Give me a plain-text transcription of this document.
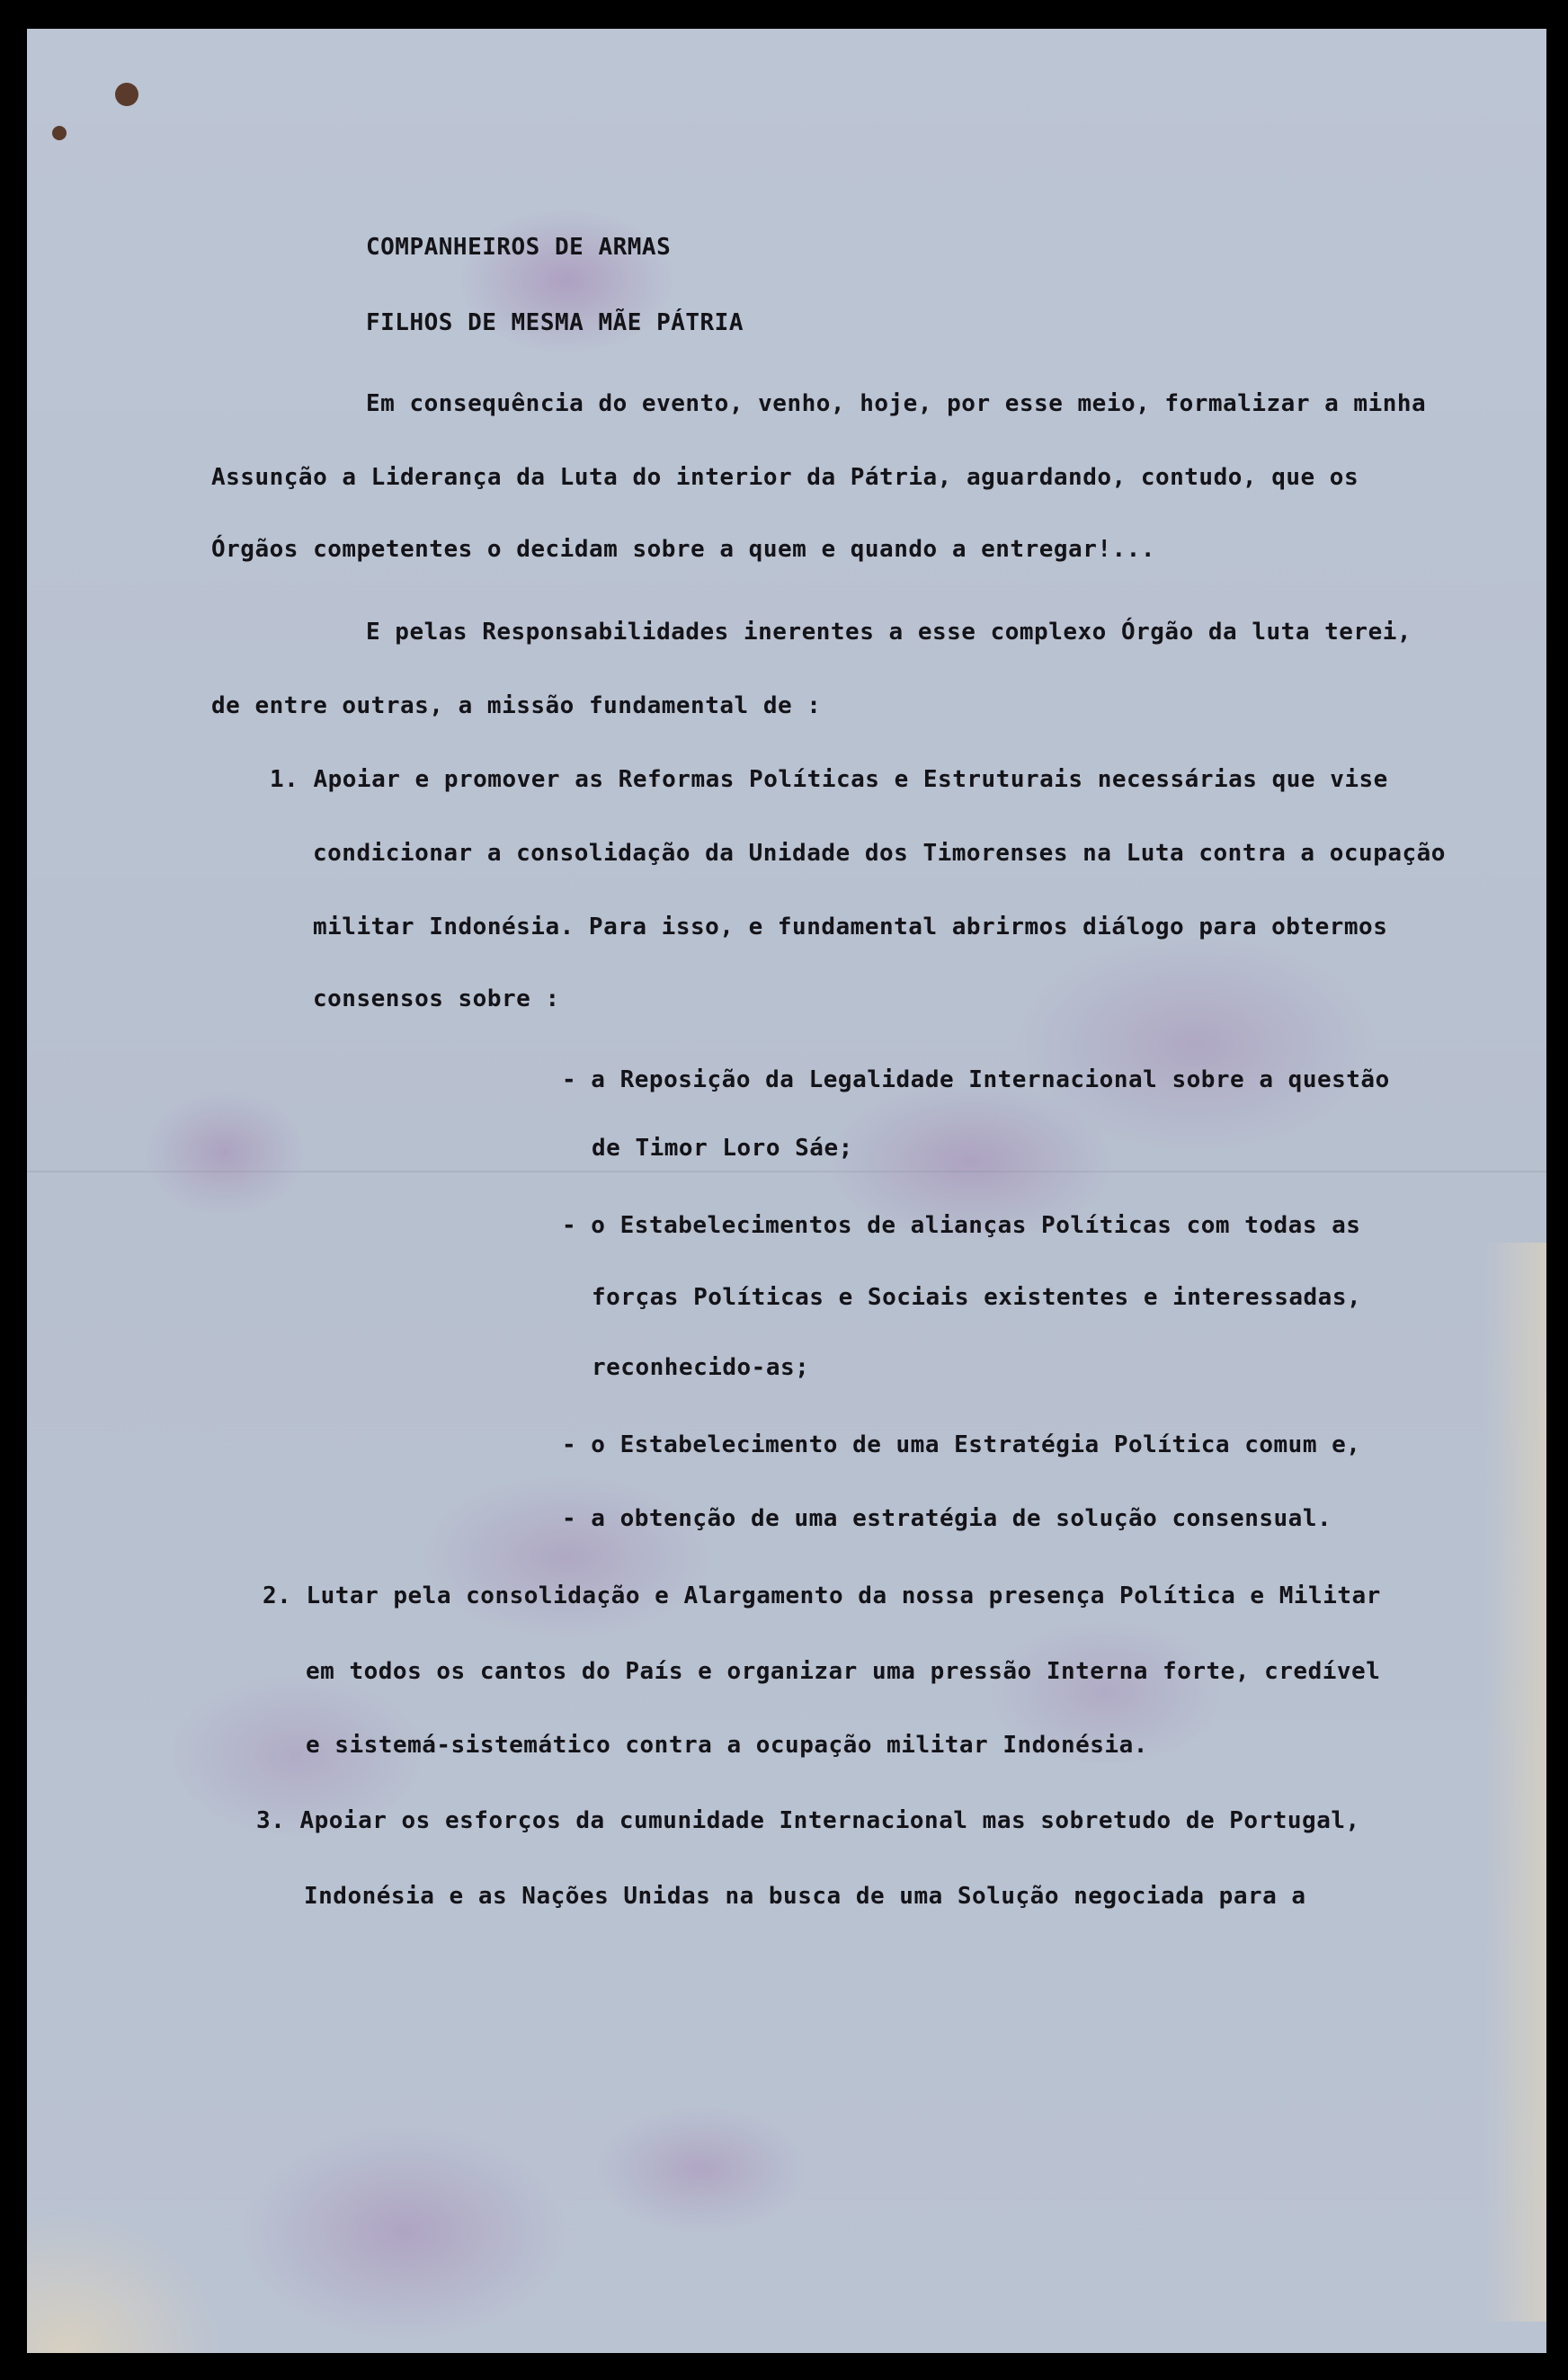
COMPANHEIROS DE ARMAS
FILHOS DE MESMA MÃE PÁTRIA
Em consequência do evento, venho, hoje, por esse meio, formalizar a minha
Assunção a Liderança da Luta do interior da Pátria, aguardando, contudo, que os
Órgãos competentes o decidam sobre a quem e quando a entregar!...
E pelas Responsabilidades inerentes a esse complexo Órgão da luta terei,
de entre outras, a missão fundamental de :
1. Apoiar e promover as Reformas Políticas e Estruturais necessárias que vise
condicionar a consolidação da Unidade dos Timorenses na Luta contra a ocupação
militar Indonésia. Para isso, e fundamental abrirmos diálogo para obtermos
consensos sobre :
- a Reposição da Legalidade Internacional sobre a questão
de Timor Loro Sáe;
- o Estabelecimentos de alianças Políticas com todas as
forças Políticas e Sociais existentes e interessadas,
reconhecido-as;
- o Estabelecimento de uma Estratégia Política comum e,
- a obtenção de uma estratégia de solução consensual.
2. Lutar pela consolidação e Alargamento da nossa presença Política e Militar
em todos os cantos do País e organizar uma pressão Interna forte, credível
e sistemá-sistemático contra a ocupação militar Indonésia.
3. Apoiar os esforços da cumunidade Internacional mas sobretudo de Portugal,
Indonésia e as Nações Unidas na busca de uma Solução negociada para a
